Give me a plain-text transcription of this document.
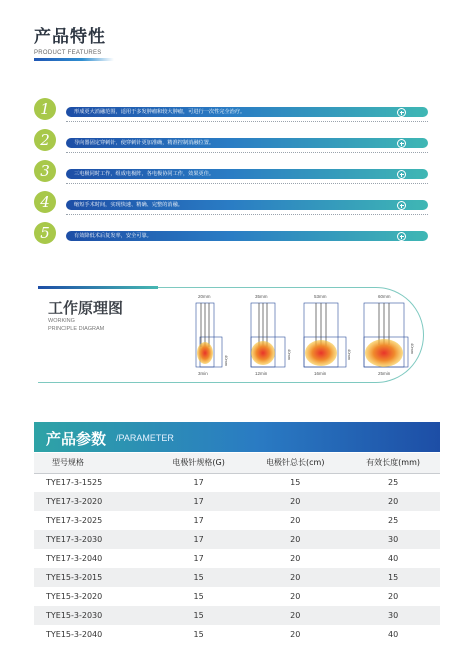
产品特性
PRODUCT FEATURES
1	形成更大消融范围，适用于多发肿瘤和较大肿瘤，可进行一次性完全治疗。
2	导向器固定穿刺针，使穿刺针更加准确，精准控制消融位置。
3	三电极同时工作，组成电极阵，各电极协同工作，效果更佳。
4	缩短手术时间，实现快速、精确、完整的消融。
5	有效降低术后复发率，安全可靠。
工作原理图
WORKING
PRINCIPLE DIAGRAM
20mm
40mm
3min
35mm
40mm
12min
53mm
40mm
16min
60mm
40mm
25min
产品参数 /PARAMETER
型号规格	电极针规格(G)	电极针总长(cm)	有效长度(mm)
TYE17-3-1525	17	15	25
TYE17-3-2020	17	20	20
TYE17-3-2025	17	20	25
TYE17-3-2030	17	20	30
TYE17-3-2040	17	20	40
TYE15-3-2015	15	20	15
TYE15-3-2020	15	20	20
TYE15-3-2030	15	20	30
TYE15-3-2040	15	20	40
